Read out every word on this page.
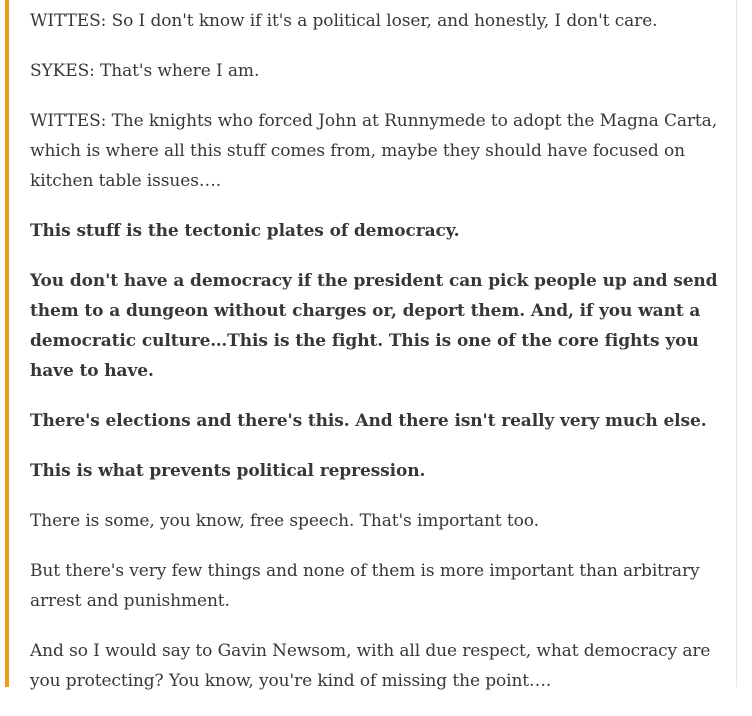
WITTES: So I don't know if it's a political loser, and honestly, I don't care.

SYKES: That's where I am.

WITTES: The knights who forced John at Runnymede to adopt the Magna Carta, which is where all this stuff comes from, maybe they should have focused on kitchen table issues….

This stuff is the tectonic plates of democracy.

You don't have a democracy if the president can pick people up and send them to a dungeon without charges or, deport them. And, if you want a democratic culture…This is the fight. This is one of the core fights you have to have.

There's elections and there's this. And there isn't really very much else.

This is what prevents political repression.

There is some, you know, free speech. That's important too.

But there's very few things and none of them is more important than arbitrary arrest and punishment.

And so I would say to Gavin Newsom, with all due respect, what democracy are you protecting? You know, you're kind of missing the point….
